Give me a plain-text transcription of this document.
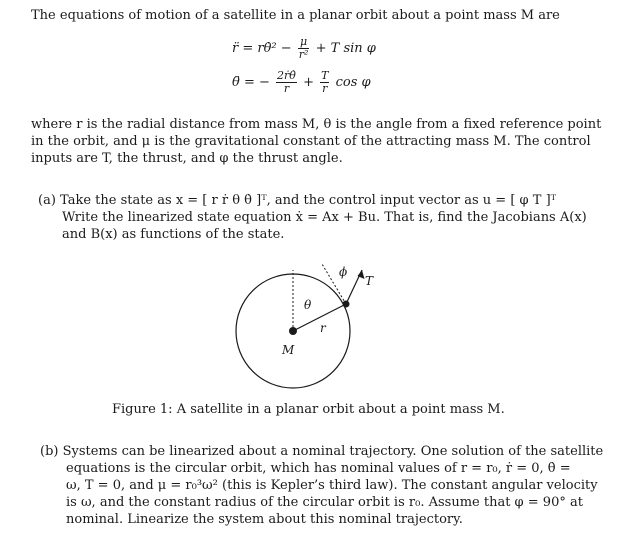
The equations of motion of a satellite in a planar orbit about a point mass M are
r̈ = rθ̇² − $\frac{\mu}{\text{r²}} + T$ sin φ
θ̈ = − $\frac{\text{2ṙθ̇}}{r} + \frac{T}{r}$ cos φ
where r is the radial distance from mass M, θ is the angle from a fixed reference point
in the orbit, and μ is the gravitational constant of the attracting mass M. The control
inputs are T, the thrust, and φ the thrust angle.
(a) Take the state as x = [ r ṙ θ θ̇ ]ᵀ, and the control input vector as u = [ φ T ]ᵀ
Write the linearized state equation ẋ = Ax + Bu. That is, find the Jacobians A(x)
and B(x) as functions of the state.
ϕ
T
θ
r
M
Figure 1: A satellite in a planar orbit about a point mass M.
(b) Systems can be linearized about a nominal trajectory. One solution of the satellite
equations is the circular orbit, which has nominal values of r = r₀, ṙ = 0, θ̇ =
ω, T = 0, and μ = r₀³ω² (this is Kepler’s third law). The constant angular velocity
is ω, and the constant radius of the circular orbit is r₀. Assume that φ = 90° at
nominal. Linearize the system about this nominal trajectory.
